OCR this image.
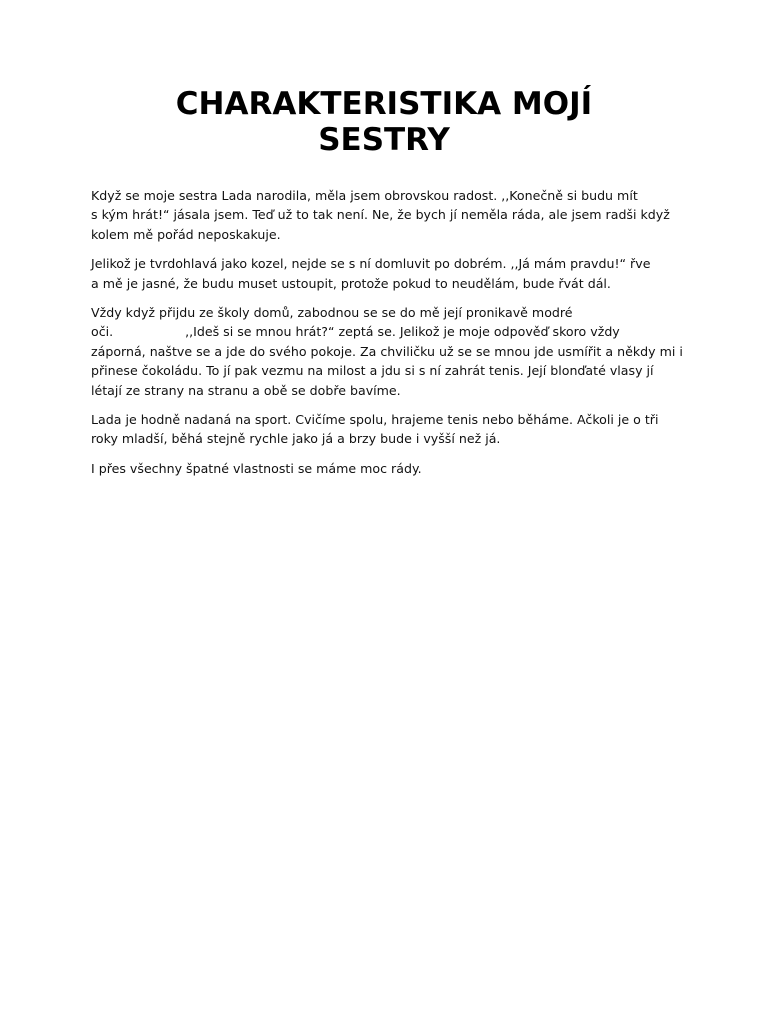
CHARAKTERISTIKA MOJÍ
SESTRY

Když se moje sestra Lada narodila, měla jsem obrovskou radost. ,,Konečně si budu mít
s kým hrát!“ jásala jsem. Teď už to tak není. Ne, že bych jí neměla ráda, ale jsem radši když
kolem mě pořád neposkakuje.

Jelikož je tvrdohlavá jako kozel, nejde se s ní domluvit po dobrém. ,,Já mám pravdu!“ řve
a mě je jasné, že budu muset ustoupit, protože pokud to neudělám, bude řvát dál.

Vždy když přijdu ze školy domů, zabodnou se se do mě její pronikavě modré
oči.	,,Ideš si se mnou hrát?“ zeptá se. Jelikož je moje odpověď skoro vždy
záporná, naštve se a jde do svého pokoje. Za chviličku už se se mnou jde usmířit a někdy mi i
přinese čokoládu. To jí pak vezmu na milost a jdu si s ní zahrát tenis. Její blonďaté vlasy jí
létají ze strany na stranu a obě se dobře bavíme.

Lada je hodně nadaná na sport. Cvičíme spolu, hrajeme tenis nebo běháme. Ačkoli je o tři
roky mladší, běhá stejně rychle jako já a brzy bude i vyšší než já.

I přes všechny špatné vlastnosti se máme moc rády.
